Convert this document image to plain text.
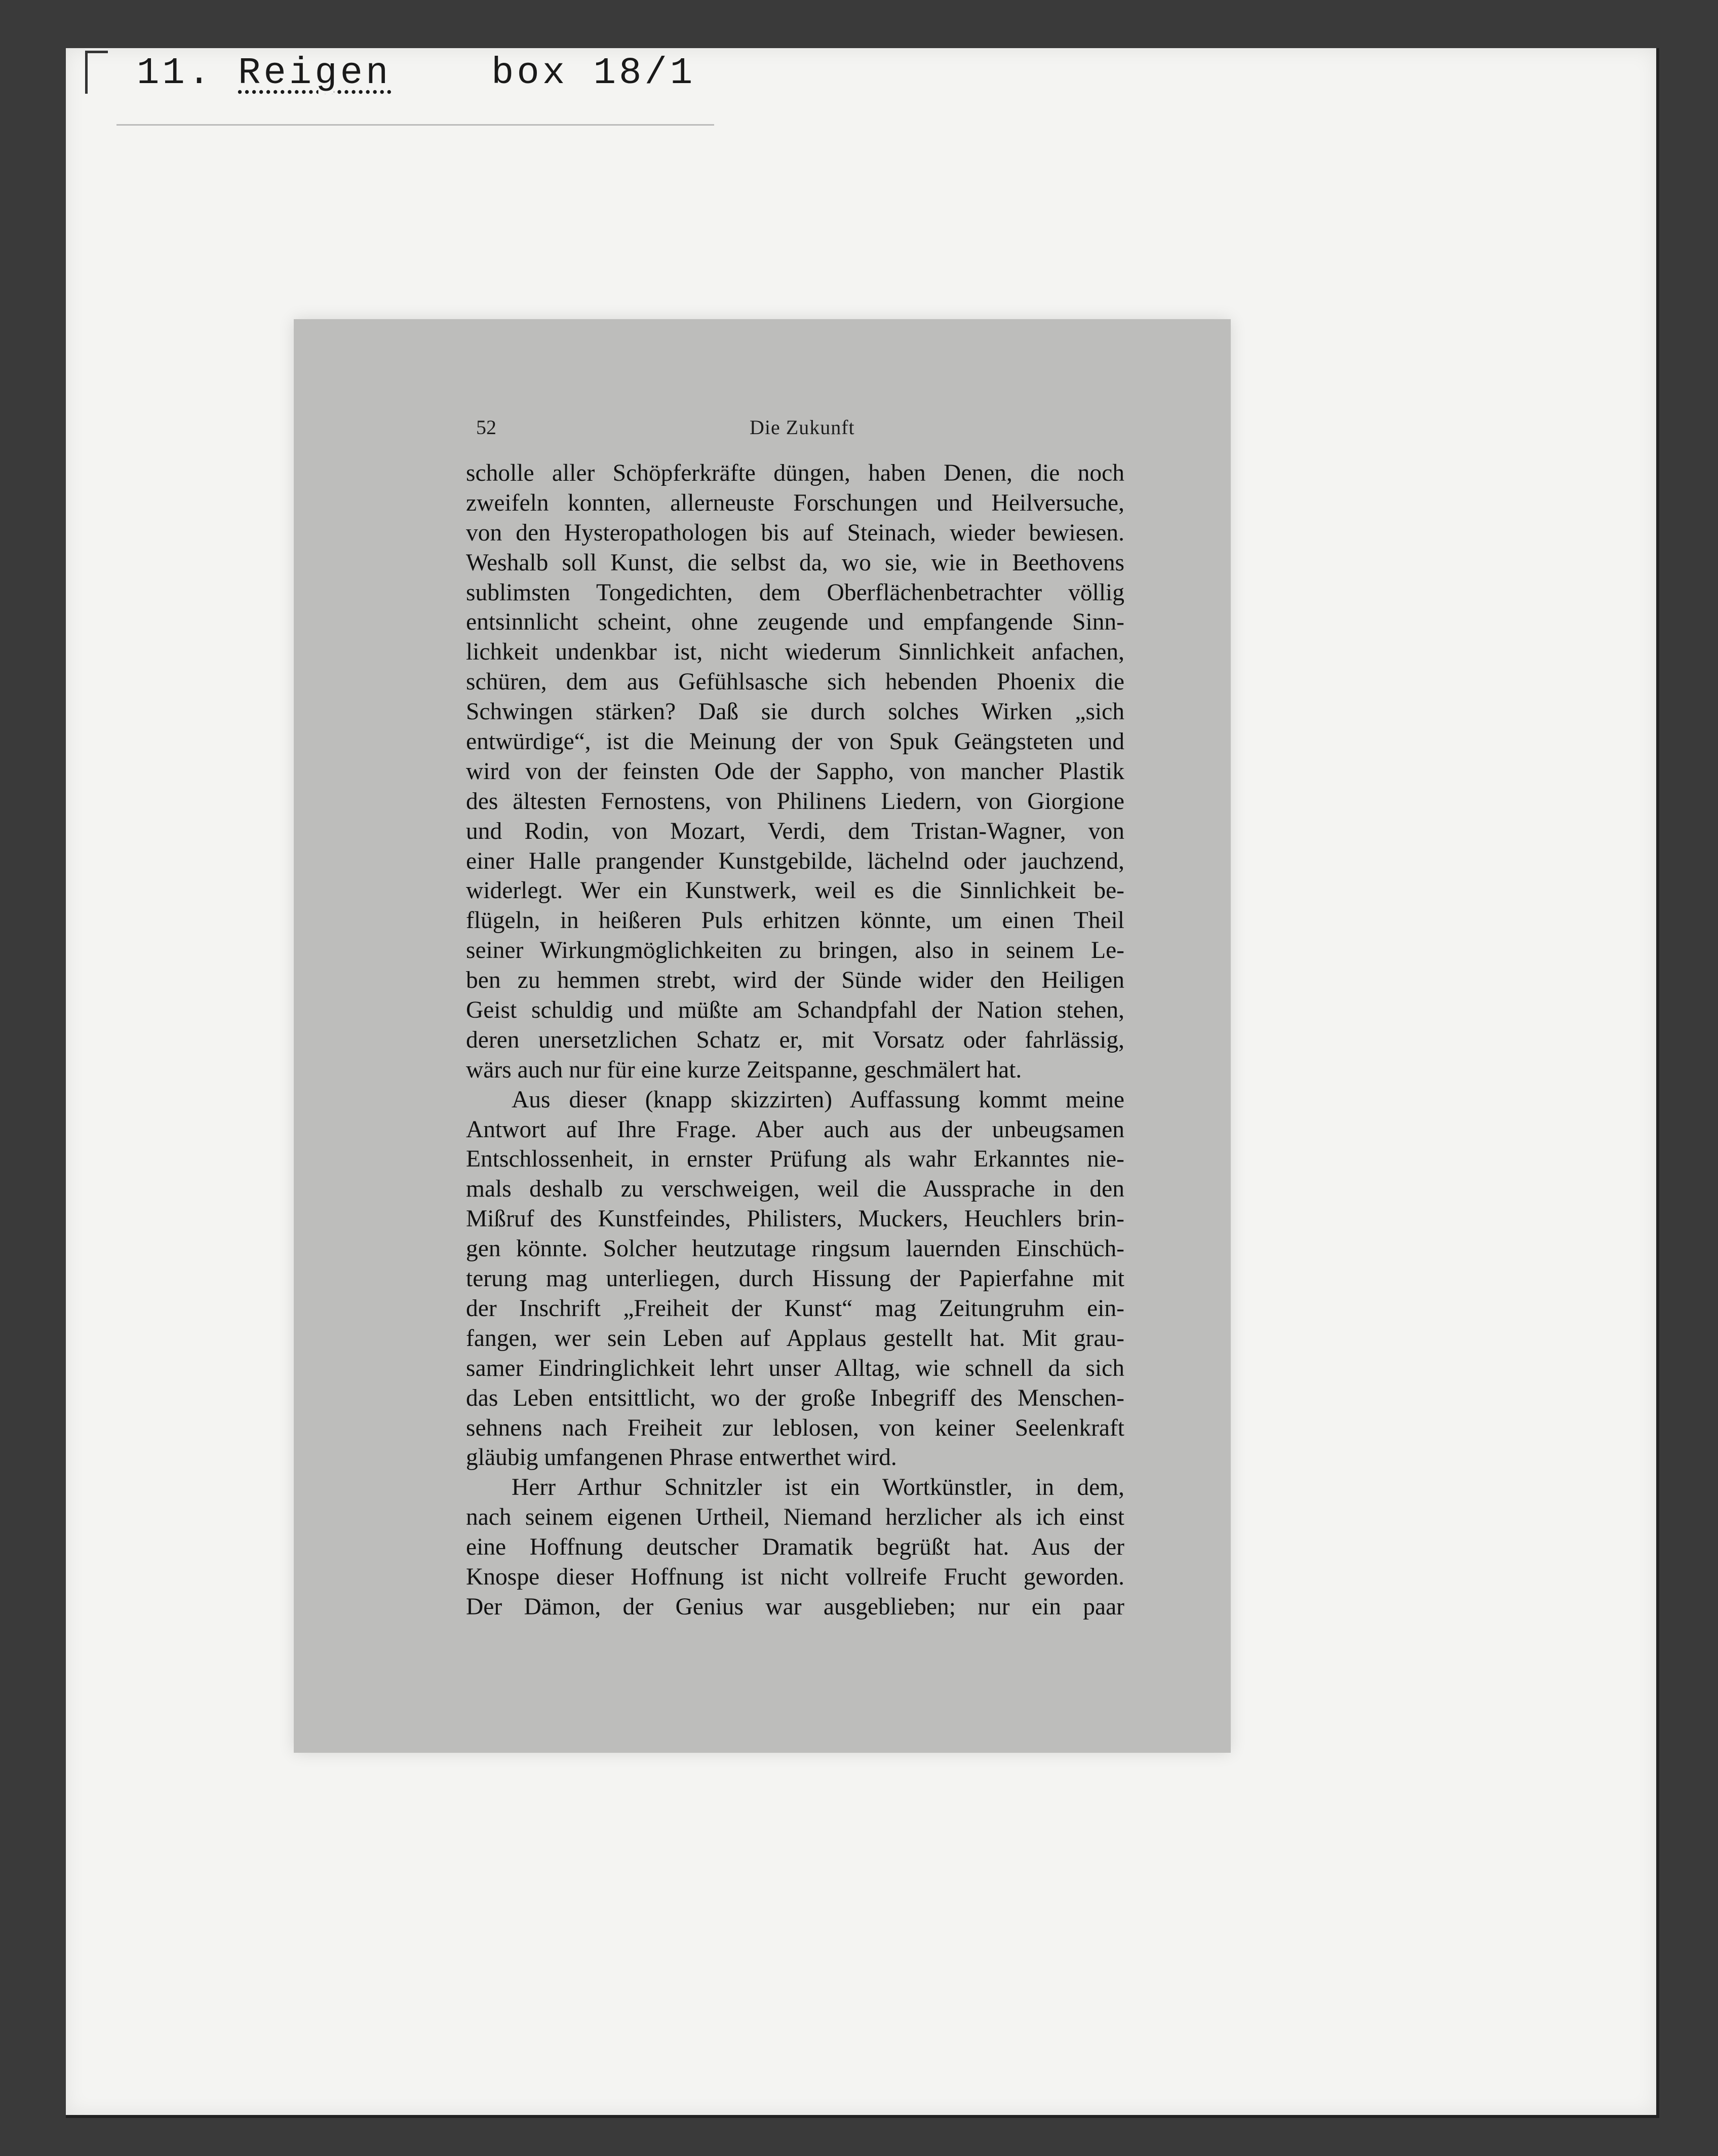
11. Reigen	box 18/1
52	Die Zukunft
scholle aller Schöpferkräfte düngen, haben Denen, die noch
zweifeln konnten, allerneuste Forschungen und Heilversuche,
von den Hysteropathologen bis auf Steinach, wieder bewiesen.
Weshalb soll Kunst, die selbst da, wo sie, wie in Beethovens
sublimsten Tongedichten, dem Oberflächenbetrachter völlig
entsinnlicht scheint, ohne zeugende und empfangende Sinn-
lichkeit undenkbar ist, nicht wiederum Sinnlichkeit anfachen,
schüren, dem aus Gefühlsasche sich hebenden Phoenix die
Schwingen stärken? Daß sie durch solches Wirken „sich
entwürdige“, ist die Meinung der von Spuk Geängsteten und
wird von der feinsten Ode der Sappho, von mancher Plastik
des ältesten Fernostens, von Philinens Liedern, von Giorgione
und Rodin, von Mozart, Verdi, dem Tristan-Wagner, von
einer Halle prangender Kunstgebilde, lächelnd oder jauchzend,
widerlegt. Wer ein Kunstwerk, weil es die Sinnlichkeit be-
flügeln, in heißeren Puls erhitzen könnte, um einen Theil
seiner Wirkungmöglichkeiten zu bringen, also in seinem Le-
ben zu hemmen strebt, wird der Sünde wider den Heiligen
Geist schuldig und müßte am Schandpfahl der Nation stehen,
deren unersetzlichen Schatz er, mit Vorsatz oder fahrlässig,
wärs auch nur für eine kurze Zeitspanne, geschmälert hat.
Aus dieser (knapp skizzirten) Auffassung kommt meine
Antwort auf Ihre Frage. Aber auch aus der unbeugsamen
Entschlossenheit, in ernster Prüfung als wahr Erkanntes nie-
mals deshalb zu verschweigen, weil die Aussprache in den
Mißruf des Kunstfeindes, Philisters, Muckers, Heuchlers brin-
gen könnte. Solcher heutzutage ringsum lauernden Einschüch-
terung mag unterliegen, durch Hissung der Papierfahne mit
der Inschrift „Freiheit der Kunst“ mag Zeitungruhm ein-
fangen, wer sein Leben auf Applaus gestellt hat. Mit grau-
samer Eindringlichkeit lehrt unser Alltag, wie schnell da sich
das Leben entsittlicht, wo der große Inbegriff des Menschen-
sehnens nach Freiheit zur leblosen, von keiner Seelenkraft
gläubig umfangenen Phrase entwerthet wird.
Herr Arthur Schnitzler ist ein Wortkünstler, in dem,
nach seinem eigenen Urtheil, Niemand herzlicher als ich einst
eine Hoffnung deutscher Dramatik begrüßt hat. Aus der
Knospe dieser Hoffnung ist nicht vollreife Frucht geworden.
Der Dämon, der Genius war ausgeblieben; nur ein paar
